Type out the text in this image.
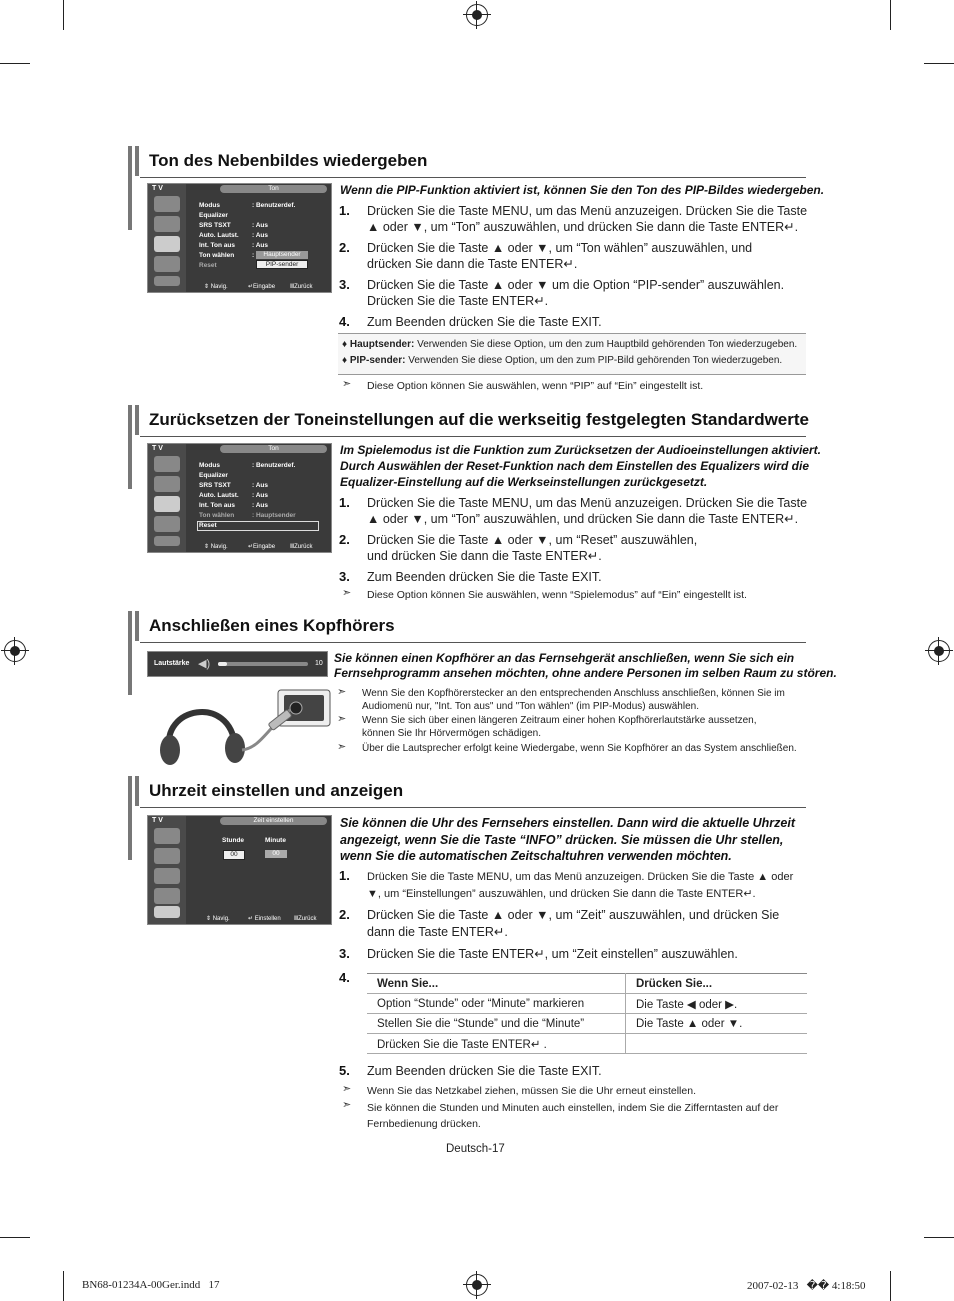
Ton des Nebenbildes wiedergeben
T V	Ton
Modus	: Benutzerdef.
Equalizer
SRS TSXT	: Aus
Auto. Lautst. : Aus
Int. Ton aus	: Aus
Ton wählen	:
Reset
Hauptsender
PIP-sender
⇕ Navig.	↵Eingabe ⅢZurück
Wenn die PIP-Funktion aktiviert ist, können Sie den Ton des PIP-Bildes wiedergeben.
1. Drücken Sie die Taste MENU, um das Menü anzuzeigen. Drücken Sie die Taste
▲ oder ▼, um “Ton” auszuwählen, und drücken Sie dann die Taste ENTER↵.
2. Drücken Sie die Taste ▲ oder ▼, um “Ton wählen” auszuwählen, und
drücken Sie dann die Taste ENTER↵.
3. Drücken Sie die Taste ▲ oder ▼ um die Option “PIP-sender” auszuwählen.
Drücken Sie die Taste ENTER↵.
4. Zum Beenden drücken Sie die Taste EXIT.
♦ Hauptsender: Verwenden Sie diese Option, um den zum Hauptbild gehörenden Ton wiederzugeben.
♦ PIP-sender: Verwenden Sie diese Option, um den zum PIP-Bild gehörenden Ton wiederzugeben.
➣ Diese Option können Sie auswählen, wenn “PIP” auf “Ein” eingestellt ist.
Zurücksetzen der Toneinstellungen auf die werkseitig festgelegten Standardwerte
T V	Ton
Modus	: Benutzerdef.
Equalizer
SRS TSXT	: Aus
Auto. Lautst. : Aus
Int. Ton aus	: Aus
Ton wählen	: Hauptsender
Reset
⇕ Navig.	↵Eingabe ⅢZurück
Im Spielemodus ist die Funktion zum Zurücksetzen der Audioeinstellungen aktiviert.
Durch Auswählen der Reset-Funktion nach dem Einstellen des Equalizers wird die
Equalizer-Einstellung auf die Werkseinstellungen zurückgesetzt.
1. Drücken Sie die Taste MENU, um das Menü anzuzeigen. Drücken Sie die Taste
▲ oder ▼, um “Ton” auszuwählen, und drücken Sie dann die Taste ENTER↵.
2. Drücken Sie die Taste ▲ oder ▼, um “Reset” auszuwählen,
und drücken Sie dann die Taste ENTER↵.
3. Zum Beenden drücken Sie die Taste EXIT.
➣ Diese Option können Sie auswählen, wenn “Spielemodus” auf “Ein” eingestellt ist.
Anschließen eines Kopfhörers
Lautstärke ◀)	10 Sie können einen Kopfhörer an das Fernsehgerät anschließen, wenn Sie sich ein
Fernsehprogramm ansehen möchten, ohne andere Personen im selben Raum zu stören.
➣ Wenn Sie den Kopfhörerstecker an den entsprechenden Anschluss anschließen, können Sie im
Audiomenü nur, "Int. Ton aus" und "Ton wählen" (im PIP-Modus) auswählen.
➣ Wenn Sie sich über einen längeren Zeitraum einer hohen Kopfhörerlautstärke aussetzen,
können Sie Ihr Hörvermögen schädigen.
➣ Über die Lautsprecher erfolgt keine Wiedergabe, wenn Sie Kopfhörer an das System anschließen.
Uhrzeit einstellen und anzeigen
T V	Zeit einstellen
Stunde	Minute
00	00
⇕ Navig.	↵ Einstellen ⅢZurück
Sie können die Uhr des Fernsehers einstellen. Dann wird die aktuelle Uhrzeit
angezeigt, wenn Sie die Taste “INFO” drücken. Sie müssen die Uhr stellen,
wenn Sie die automatischen Zeitschaltuhren verwenden möchten.
1. Drücken Sie die Taste MENU, um das Menü anzuzeigen. Drücken Sie die Taste ▲ oder
▼, um “Einstellungen” auszuwählen, und drücken Sie dann die Taste ENTER↵.
2. Drücken Sie die Taste ▲ oder ▼, um “Zeit” auszuwählen, und drücken Sie
dann die Taste ENTER↵.
3. Drücken Sie die Taste ENTER↵, um “Zeit einstellen” auszuwählen.
4. Wenn Sie...	Drücken Sie...
Option “Stunde” oder “Minute” markieren	Die Taste ◀ oder ▶.
Stellen Sie die “Stunde” und die “Minute”	Die Taste ▲ oder ▼.
Drücken Sie die Taste ENTER↵ .	
5. Zum Beenden drücken Sie die Taste EXIT.
➣ Wenn Sie das Netzkabel ziehen, müssen Sie die Uhr erneut einstellen.
➣ Sie können die Stunden und Minuten auch einstellen, indem Sie die Zifferntasten auf der
Fernbedienung drücken.
Deutsch-17
BN68-01234A-00Ger.indd   17	2007-02-13   �� 4:18:50
